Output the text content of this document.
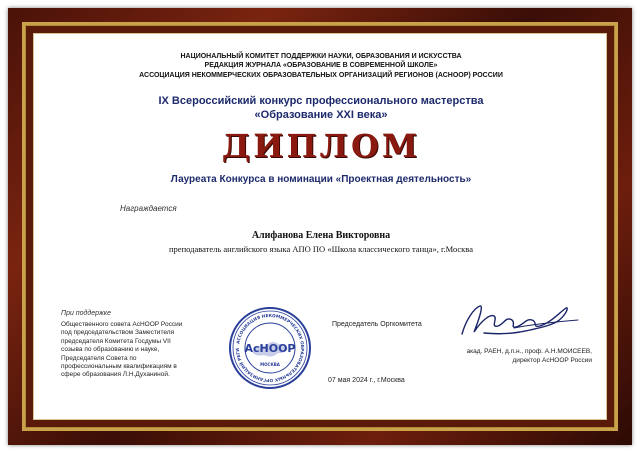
НАЦИОНАЛЬНЫЙ КОМИТЕТ ПОДДЕРЖКИ НАУКИ, ОБРАЗОВАНИЯ И ИСКУССТВА
РЕДАКЦИЯ ЖУРНАЛА «ОБРАЗОВАНИЕ В СОВРЕМЕННОЙ ШКОЛЕ»
АССОЦИАЦИЯ НЕКОММЕРЧЕСКИХ ОБРАЗОВАТЕЛЬНЫХ ОРГАНИЗАЦИЙ РЕГИОНОВ (АСНООР) РОССИИ
IX Всероссийский конкурс профессионального мастерства
«Образование XXI века»
ДИПЛОМ
Лауреата Конкурса в номинации «Проектная деятельность»
Награждается
Алифанова Елена Викторовна
преподаватель английского языка АПО ПО «Школа классического танца», г.Москва
При поддержке
Общественного совета АсНООР России
под председательством Заместителя
председателя Комитета Госдумы VII
созыва по образованию и науке,
Председателя Совета по
профессиональным квалификациям в
сфере образования Л.Н.Духаниной.
АССОЦИАЦИЯ НЕКОММЕРЧЕСКИХ ОБРАЗОВАТЕЛЬНЫХ ОРГАНИЗАЦИЙ РЕГИ АсНООР
МОСКВА
Председатель Оргкомитета
07 мая 2024 г., г.Москва
акад. РАЕН, д.п.н., проф. А.Н.МОИСЕЕВ,
директор АсНООР России
